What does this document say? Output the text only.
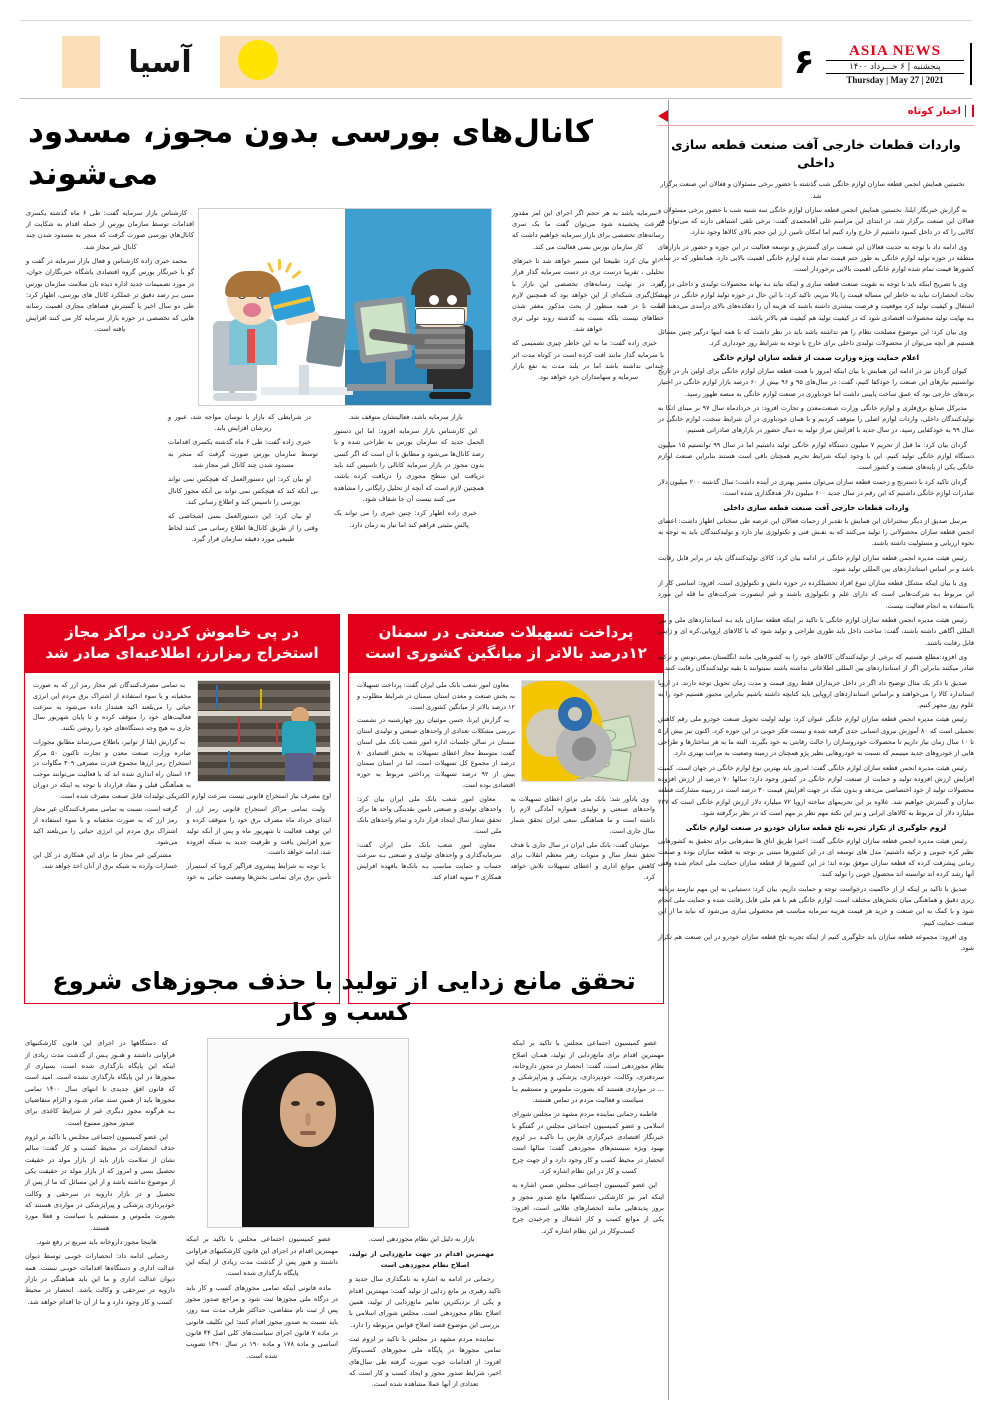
آسیا	۶	ASIA NEWS
پنجشنبه | ۶ خـــرداد ۱۴۰۰
Thursday | May 27 | 2021
کانال‌های بورسی بدون مجوز، مسدود می‌شوند

کارشناس بازار سرمایه گفت: طی ۶ ماه گذشته یکسری اقدامات توسط سازمان بورس از جمله اقدام به شکایت از کانال‌های بورسی صورت گرفت که منجر به مسدود شدن چند کانال غیر مجاز شد.

محمد خبری زاده کارشناس و فعال بازار سرمایه در گفت و گو با خبرنگار بورس گروه اقتصادی باشگاه خبرنگاران جوان، در مورد تصمیمات جدید اداره دیده بان سلامت سازمان بورس مبنی بـر رصد دقیق تر عملکرد کانال های بورسی، اظهار کرد: طی دو سال اخیر با گسترش فضاهای مجازی اهمیت رسانه هایی که تخصصی در حوزه بازار سرمایه کار می کنند افزایش یافته است.

در شرایطی که بازار با نوسان مواجه شد، عبور و ریزشان افزایش یابد.

خبری زاده گفت: طی ۶ ماه گذشته یکسری اقدامات توسط سازمان بورس صورت گرفت که منجر به مسدود شدن چند کانال غیر مجاز شد.

او بیان کرد: این دستورالعمل که هیچکس نمی تواند بی آنکه کند که هیچکس نمی تواند بی آنکه مجوز کانال بورسی را تاسیس کند و اطلاع رسانی کند.

او بیان کرد: این دستورالعمل بسی اشخاصی که وقتی را از طریق کانال‌ها اطلاع رسانی می کنند لحاظ طبیعی مورد دقیقه سازمان قرار گیرد.

بازار سرمایه باشد، فعالیتشان متوقف شد.

این کارشناس بازار سرمایه افزود: اما این دستور الحمل جدید که سازمان بورس به طراحی شده و با رصد کانال‌ها می‌شود و مطابق با آن است که اگر کسی بدون مجوز در بازار سرمایه کانالی را تاسیس کند باید دریافت این سطح مجوزی را دریافت کرده باشد، همچنین لازم است که آنچه از تحلیل رایگانی را مشاهده می کنند نیست آن جا شفاف شود.

خبری زاده اظهار کرد: چنین خبری را می تواند یک پالس مثبتی فراهم کند اما نیاز به زمان دارد.

سرمایه باشد به هر حجم اگر اجرای این امر مقدور سرعت پخشیده شود می‌توان گفت ما یک سری رسانه‌های تخصصی برای بازار سرمایه خواهیم داشت که کار سازمان بورس بسی فعالیت می کند.

او بیان کرد: طبیعتا این مسیر خواهد شد تا خبرهای تحلیلی ، تقریبا درست تری در دست سرمایه گذار قرار گیرد. در نهایت رسانه‌های تخصصی این بازار با شکل‌گیری شبکه‌ای از این خواهد بود که همچنین لازم است تا در همه منظور از بحث مذکور مغفر شدن خطاهای نیست بلکه نسبت به گذشته روند تولی تری خواهد شد.

خبری زاده گفت: ما به این خاطر چیزی تصمیمی که با سرمایه گذار مانند افت کرده است در کوتاه مدت اثر چندانی نداشته باشد اما در بلند مدت به نفع بازار سرمایه و سهامداران خرد خواهد بود.

در پی خاموش کردن مراکز مجاز استخراج رمزارز، اطلاعیه‌ای صادر شد

به تمامی مصرف‌کنندگان غیر مجاز رمز ارز که به صورت مخفیانه و با سوء استفاده از اشتراک برق مردم این انرژی حیاتی را می‌بلعند اکید هشدار داده می‌شود به سرعت فعالیت‌های خود را متوقف کرده و تا پایان شهریور سال جاری به هیچ وجه دستگاه‌های خود را روشن نکنند.

به گزارش ایلنا از توانیر، باطلاع می‌رساند مطابق مجوزات صادره وزارت صنعت معدن و تجارت تاکنون ۵۰ مرکز استخراج رمز ارزها مجموع قدرت مصرفی ۳۰۹ مگاوات در ۱۴ استان راه اندازی شده اند که با فعالیت می‌توانند موجب به همآهنگی قبلی و مفاد قرارداد با توجه به اینکه در دوران اوج مصرف نیاز استخراج قانونی نیست سرعت لوازم الکتریکی تولیدات قابل صنعت مصرف شده است.

ولیت تمامی مراکز استخراج قانونی رمز ارز از ابتدای خرداد ماه مصرف برق خود را متوقف کرده و این توقف فعالیت تا شهریور ماه و پس از آنکه تولید نیرو افزایش یافت و ظرفیت جدید به شبکه افزوده شد، ادامه خواهد داشت.

با توجه به شرایط پیشروی فراگیر کرونا که استمرار تأمین برق برای تمامی بخش‌ها وضعیت حیاتی به خود گرفته است، نسبت به تمامی مصرف‌کنندگان غیر مجاز رمز ارز که به صورت مخفیانه و با سوء استفاده از اشتراک برق مردم این انرژی حیاتی را می‌بلعند اکید می‌شود.

مشترکین غیر مجاز ما برای این همکاری در کل این خسارات وارده به شبکه برق از آنان اخذ خواهد شد.

پرداخت تسهیلات صنعتی در سمنان ۱۲درصد بالاتر از میانگین کشوری است

معاون امور شعب بانک ملی ایران گفت: پرداخت تسهیلات به بخش صنعت و معدن استان سمنان در شرایط مطلوب و ۱۲ درصد بالاتر از میانگین کشوری است.

به گزارش ایرنا، حسن موئنیان روز چهارشنبه در نشست بررسی مشکلات تعدادی از واحدهای صنعتی و تولیدی استان سمنان در سالن جلسات اداره امور شعب بانک ملی استان گفت: متوسط مجاز اعطای تسهیلات به بخش اقتصادی ۸۰ درصد از مجموع کل تسهیلات است، اما در استان سمنان بیش از ۹۲ درصد تسهیلات پرداختی مربوط به حوزه اقتصادی بوده است.

وی یادآور شد: بانک ملی برای اعطای تسهیلات به واحدهای صنعتی و تولیدی همواره آمادگی لازم را داشته است و ما هماهنگی سعی ایران تحقق شمار سال جاری است.

موئنیان گفت: بانک ملی ایران در سال جاری با هدف تحقق شعار سال و منویات رهبر معظم انقلاب برای کاهش موانع اداری و اعطای تسهیلات تلاش خواهد کرد.

معاون امور شعب بانک ملی ایران بیان کرد: واحدهای تولیدی و صنعتی تامین نقدینگی واحد ها برای تحقق شعار سال اینجاد قرار دارد و تمام واحدهای بانک ملی است.

معاون امور شعب بانک ملی ایران گفت: سرمایه‌گذاری و واحدهای تولیدی و صنعتی بـه سرعت حساب و حمایت مناسب بـه بانک‌ها بافهده افزایش همکاری ۲ سویه اقدام کند.

تحقق مانع زدایی از تولید با حذف مجوزهای شروع کسب و کار

عضو کمیسیون اجتماعی مجلس با تاکید بر اینکه مهمترین اقدام برای مانع‌زدایی از تولید، همـان اصلاح نظام مجوزدهی است، گفت: انحصار در مجوز داروخانه، سردفتری، وکالت، خودپردازی، پزشکی و پیراپزشکی و ... در مواردی هستند که بصورت ملموس و مستقیم بـا سیاست و فعالیت مردم در تماس هستند.

فاطمه رحمانی نماینده مردم مشهد در مجلس شورای اسلامی و عضو کمیسیون اجتماعی مجلس در گفتگو با خبرنگار اقتصادی خبرگزاری فارس بـا تاکیـد بـر لزوم بهبود ویژه سیستم‌های مجوزدهی گفت: سالها است انحصار در محیط کسب و کار وجود دارد و از جهت چرخ کسب و کار در این نظام اشاره کرد.

این عضو کمیسیون اجتماعی مجلس ضمن اشاره به اینکه امر نیز کارشکنی دستگاهها مانع صدور مجوز و بروز پدیدهایی مانند انحصارهای طلایی است، افزود: یکی از موانع کسب و کار اشتغال و چرخیدن چرخ کسب‌وکار در این نظام اشاره کرد.

بازار به دلیل این نظام مجوزدهی است.

مهمترین اقدام در جهت مانع‌زدایی از تولید، اصلاح نظام مجوزدهی است

رحمانی در ادامه به اشاره به نامگذاری سال جدید و تاکید رهبری بر مانع زدایی از تولید گفت: مهمترین اقدام و یکی از نزدیکترین تعابیر مانع‌زدایی از تولید، همین اصلاح نظام مجوزدهی است. مجلس شورای اسلامی با بررسی این موضوع قصد اصلاح قوانین مربوطه را دارد.

نماینده مردم مشهد در مجلس با تاکید بر لزوم ثبت تمامی مجوزها در پایگاه ملی مجوزهای کسب‌وکار افزود: از اقدامات خوب صورت گرفته طی سال‌های اخیر، شرایط صدور مجوز و ایجاد کسب و کار است که تعدادی از آنها عملا مشاهده شده است.

عضو کمیسیون اجتماعی مجلس با تاکید بر اینکه مهمترین اقدام در اجرای این قانون کارشکنیهای فراوانی داشتند و هنوز پس از گذشت مدت زیادی از اینکه این پایگاه بارگذاری شده است.

ماده قانونی اینکه تمامی مجوزهای کسب و کار باید در درگاه ملی مجوزها ثبت شود و مراجع صدور مجوز پس از ثبت نام متقاضی، حداکثر ظرف مدت سه روز، باید نسبت به صدور مجوز اقدام کنند؛ این تکلیف قانونی در ماده ۷ قانون اجرای سیاست‌های کلی اصل ۴۴ قانون اساسی و ماده ۱۷۸ و ماده ۱۹۰ در سال ۱۳۹۰ تصویب شده است.

که دستگاهها در اجرای این قانون کارشکنیهای فراوانی داشتند و هنـوز پـس از گذشت مدت زیادی از اینکه این پایگاه بارگذاری شده است، بسیاری از مجوزها در این پایگاه بارگذاری نشده است. امید است که قانون افق جدیدی تا انتهای سال ۱۴۰۰ تمامی مجوزها باید از همین سند صادر شـود و الزام متقاضیان بـه هرگونه مجوز دیگری غیر از شرایط کاغذی برای صدور مجوز ممنوع است.

این عضو کمیسیون اجتماعی مجلـس با تاکید بر لزوم حذف انحصارات در محیط کسب و کار گفت: سالم نشان از سلامت بازار باید از بازار مولد در حقیقت تحصیل بسی و امروز که از بازار مولد در حقیقت یکی از موضوع نداشته باشد و از این مسائل که ما از پس از تحصیل و در بازار دارویه در سرحقی و وکالت خودپردازی پزشکی و پیراپزشکی در مواردی هستند که بصورت ملموس و مستقیم با سیاست و فعلا مورد هستند.

هاینجا مجوز داروخانه باید سریع تر رفع شود.

رحمانی ادامه داد: انحصارات خوبـی توسط دیوان عدالت اداری و دستگاه‌ها اقدامات خوبـی نبست. همه دیوان عدالت اداری و ما این باید هماهنگی در بازار دارویه در سرحقی و وکالت باشد. انحصار در محیط کسب و کار وجود دارد و ما از آن جا اقدام خواهد شد.

اخبار کوتاه
واردات قطعات خارجی آفت صنعت قطعه سازی داخلی

نخستین همایش انجمن قطعه سازان لوازم خانگی شب گذشته با حضور برخی مسئولان و فعالان این صنعت برگزار شد.

به گزارش خبرنگار ایلنا، نخستین همایش انجمن قطعه سازان لوازم خانگی سه شنبه شب با حضور برخی مسئولان و فعالان این صنعت برگزار شد. در ابتدای این مراسم علی آقامحمدی گفت: برخی تلقی اشتباهی دارند که می‌توان هر کالایی را که در داخل کمبود داشتیم از خارج وارد کنیم اما امکان تامین ارز این حجم بالای کالاها وجود ندارد.

وی ادامه داد با توجه به جدیت فعالان این صنعت برای گسترش و توسعه فعالیت در این حوزه و حضور در بازارهای منطقه در حوزه تولید لوازم خانگی به طور حتم قیمت تمام شده لوازم خانگی اهمیت بالایی دارد. همانطور که در سایر کشورها قیمت تمام شده لوازم خانگی اهمیت بالایی برخوردار است.

وی با تصریح اینکه باید با توجه به تقویت صنعت قطعه سازی و اینکه نباید بـه بهانه محصولات تولیدی و داخلی در راه نجات انحصارات نباید به خاطر این مساله قیمت را بالا ببریم، تاکید کرد: با این حال در حوزه تولید لوازم خانگی در جهت اشتغال و کیفیت تولید کرد موقعیت و فرصت بیشتری داشته باشند که هزینه آن را دهکده‌های بالای درآمدی می‌دهند اما بـه نهایت تولید محصولات اقتصادی شود که در کیفیت تولید هم کیفیت هم بالاتر باشد.

وی بیان کرد: این موضوع مصلحت نظام را هم نداشته باشد باید در نظر داشت که با همه اینها درگیر چنین مسائل هستیم هر آنچه می‌توان از محصولات تولیدی داخلی برای خارج با توجه به شرایط روز خودداری کرد.

اعلام حمایت ویژه وزارت صمت از قطعه سازان لوازم خانگی

کیوان گردان نیز در ادامه این همایش با بیان اینکه امروز با همت قطعه سازان لوازم خانگی برای اولین بار در تاریخ توانستیم نیازهای این صنعت را خودکفا کنیم، گفت: در سال‌های ۹۵ و ۹۶ بیش از ۶۰ درصد بازار لوازم خانگی در اختیار برندهای خارجی بود که عمق ساخت پایینی داشت اما خودباوری در صنعت لوازم خانگی به منصه ظهور رسید.

مدیرکل صنایع برق‌فلزی و لوازم خانگی وزارت صنعت‌معدن و تجارت افزود: در خردادماه سال ۹۷ بر مبنای اتکا به تولیدکنندگان داخلی، واردات لوازم اصلی را متوقف کردیم و با همان خودباوری در آن شرایط سخت، لوازم خانگی در سال ۹۹ به خودکفایی رسید. در سال جدید با افزایش تیراژ تولید به دنبال حضور در بازارهای صادراتی هستیم.

گردان بیان کرد: ما قبل از تحریم ۷ میلیون دستگاه لوازم خانگی تولید داشتیم اما در سال ۹۹ توانستیم ۱۵ میلیون دستگاه لوازم خانگی تولید کنیم. این با وجود اینکه شرایط تحریم همچنان باقی است هستند بنابراین صنعت لوازم خانگی یکی از پایه‌های صنعت و کشور است.

گردان تاکید کرد با دسترنج و زحمت قطعه سازان می‌توان مسیر بهتری در آینده داشت؛ سال گذشته ۲۰۰ میلیون دلار صادرات لوازم خانگی داشتیم که این رقم در سال جدید ۶۰۰ میلیون دلار هدفگذاری شده است.

واردات قطعات خارجی آفت صنعت قطعه سازی داخلی

مرسل صدیق از دیگر سخنرانان این همایش با تقدیر از زحمات فعالان این عرصه طی سخنانی اظهار داشت: اعضای انجمن قطعه سازان محصولاتی را تولید می‌کنند که به نفـش فنی و تکنولوژی نیاز دارد و تولیدکنندگان باید به توجه به نحوه ارزیابی و مسئولیت داشته باشند.

رئیس هیئت مدیره انجمن قطعه سازان لوازم خانگی در ادامه بیان کرد: کالای تولیدکنندگان باید در برابر قابل رقابت باشد و بر اساس استانداردهای بین المللی تولید شود.

وی با بیان اینکه مشکل قطعه سازان تنوع افراد تحصیلکرده در حوزه دانش و تکنولوژی است، افزود: اساسی کار از این مربوط بـه شرکت‌هایی است که دارای علم و تکنولوژی باشند و غیر اینصورت شرکت‌های ما قله این مورد بااستفاده به انجام فعالیت نیست.

رئیس هیئت مدیره انجمن قطعه سازان لوازم خانگی با تاکید بر اینکه قطعه سازان باید بـه استانداردهای ملی و بین المللی آگاهی داشته باشند، گفت: ساخت داخل باید طوری طراحی و تولید شود که با کالاهای اروپایی،کره ای و ژاپنی قابل رقابت باشند.

وی افزود:مطلع هستیم که برخی از تولیدکنندگان کالاهای خود را به کشورهایی مانند انگلستان،مصر،تونس و ترکیه صادر میکنند بنابراین اگر از استانداردهای بین المللی اطلاعاتی نداشته باشند نمیتوانند با بقیه تولیدکنندگان رقابت کنند.

صدیق با ذکر یک مثال توضیح داد اگر در داخل خریداران فقط روی قیمت و مدت زمان تحویل توجه دارند، در اروپا استاندارد کالا را می‌خواهند و براساس استانداردهای اروپایی باید کتابچه داشته باشیم بنابراین مجبور هستیم خود را به علوم روز مجهز کنیم.

رئیس هیئت مدیره انجمن قطعه سازان لوازم خانگی عنوان کرد: تولید اولیت تحویل صنعت خودرو ملی رقم کاهش تحمیلی است که ۸۰ آموزش نیروی انسانی حدی گرفته شده و نیست فکر خوبی در این حوزه کرد. اکنون نیز بیش از ۵ تا ۱۰ سال زمان نیاز داریم تا محصولات خودروسازان را حالت رقابتی به خود بگیرند. البته ما به هر ساختارها و طراحی هایی از خودروهای جدید مینیمم که نسبت به خودرو‌هایی نظیر پژو همچنان در زمینه وضعیت به مراتب بهتری دارد.

رئیس هیئت مدیره انجمن قطعه سازان لوازم خانگی گفت: امروز باید بهترین نوع لوازم خانگی در جهان است. کمیت افزایش ارزش افزوده تولید و حمایت از صنعت لوازم خانگی در کشور وجود دارد؛ سالها ۷۰ درصد از ارزش افزوده محصولات تولید از خود اختصاصی می‌دهد و بدون شک در جهت افزایش قیمت ۳۰ درصد است در زمینه مشارکت قطعه سازان و گسترش خواهیم شد. علاوه بر این تحریمهای ساخته اروپا ۷۲ میلیارد دلار ارزش لوازم خانگی است که ۲۲۷ میلیارد دلار آن مربوط به کالاهای ایرانی و نیز این نکته مهم نظر بر مهم است که در نظر برگرفته شود.

لزوم جلوگیری از تکرار تجربه تلخ قطعه سازان خودرو در صنعت لوازم خانگی

رئیس هیئت مدیره انجمن قطعه سازان لوازم خانگی گفت: اخیرا طریق اتاق ها سفرهایی برای تحقیق به کشورهایی نظیر کره جنوبی و ترکیه داشتیم؛ مدل های توسعه ای در این کشورها مبتنی بر توجه به قطعه سازان بوده و صنعت زمانی پیشرفت کرده که قطعه سازان موفق بوده اند؛ در این کشورها از قطعه سازان حمایت ملی انجام شده وقتی آنها رشد کرده اند توانسته اند محصول خوبی را تولید کنند.

صدیق با تاکید بر اینکه از از حاکمیت درخواست توجه و حمایت داریم، بیان کرد: دستیابی به این مهم نیازمند برنامه ریزی دقیق و هماهنگی میان بخش‌های مختلف است. لوازم خانگی هم با هم ملی قابل رقابت شده و حمایت ملی انجام شود و با کمک به این صنعت و خرید هر قیمت هزینه سرمایه مناسب هم محصولی سازی می‌شود که نباید ما از این صنعت حمایت کنیم.

وی افزود: مجموعه قطعه سازان باید جلوگیری کنیم از اینکه تجربه تلخ قطعه سازان خودرو در این صنعت هم تکرار شود.
